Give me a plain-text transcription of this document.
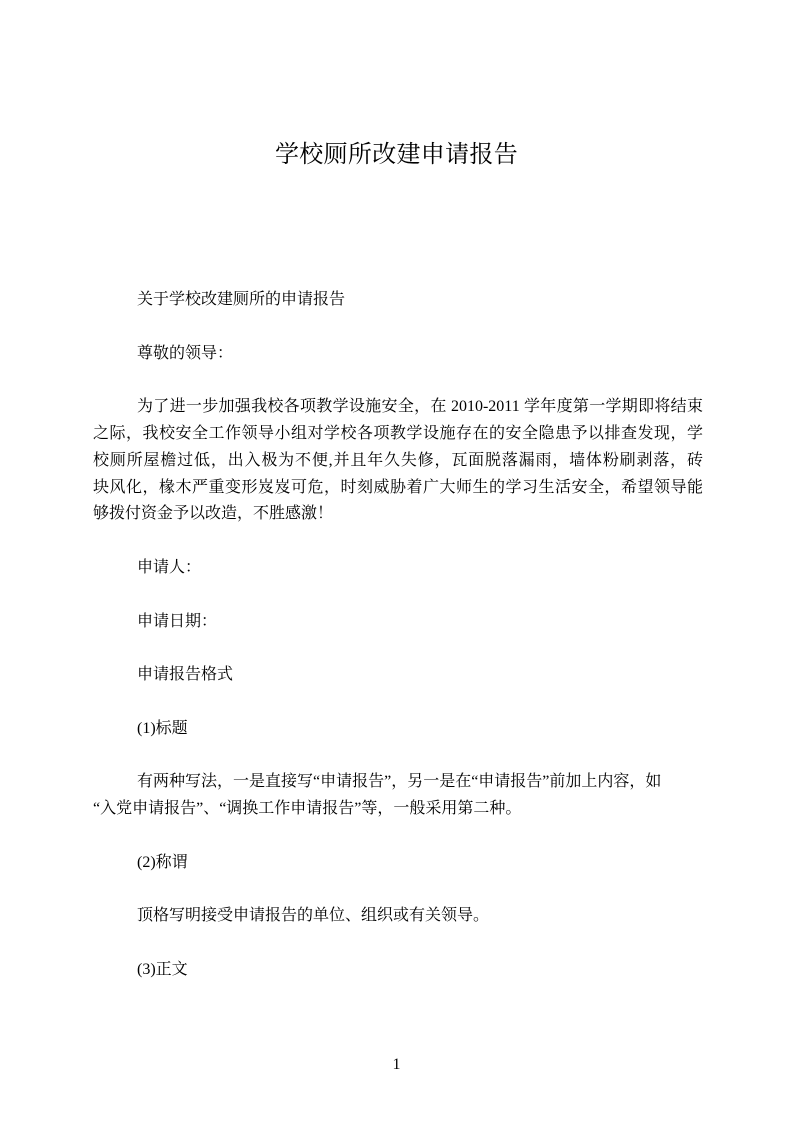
学校厕所改建申请报告

关于学校改建厕所的申请报告

尊敬的领导：

为了进一步加强我校各项教学设施安全，在 2010-2011 学年度第一学期即将结束
之际，我校安全工作领导小组对学校各项教学设施存在的安全隐患予以排查发现，学
校厕所屋檐过低，出入极为不便,并且年久失修，瓦面脱落漏雨，墙体粉刷剥落，砖
块风化，椽木严重变形岌岌可危，时刻威胁着广大师生的学习生活安全，希望领导能
够拨付资金予以改造，不胜感激！

申请人：

申请日期：

申请报告格式

(1)标题

有两种写法，一是直接写“申请报告”，另一是在“申请报告”前加上内容，如
“入党申请报告”、“调换工作申请报告”等，一般采用第二种。

(2)称谓

顶格写明接受申请报告的单位、组织或有关领导。

(3)正文

1
